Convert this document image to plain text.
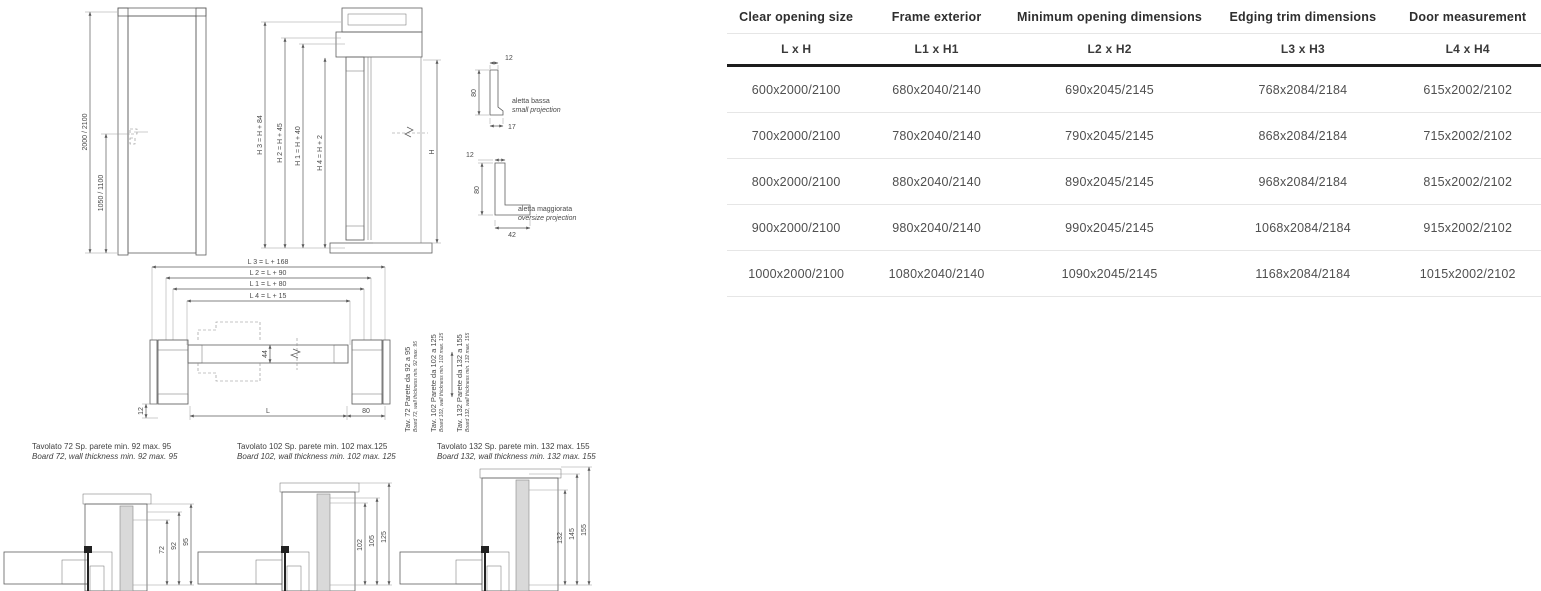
2000 / 2100
1050 / 1100
H 3 = H + 84 H 2 = H + 45 H 1 = H + 40 H 4 = H + 2	H
12
80
17
aletta bassa
small projection
12
80
42
aletta maggiorata
oversize projection
L 3 = L + 168
L 2 = L + 90
L 1 = L + 80
L 4 = L + 15
44
L	80
12	Tav. 72 Parete da 92 a 95 Board 72, wall thickness min. 92 max. 95 Tav. 102 Parete da 102 a 125 Board 102, wall thickness min. 102 max. 125 Tav. 132 Parete da 132 a 155 Board 132, wall thickness min. 132 max. 155
Tavolato 72 Sp. parete min. 92 max. 95
Board 72, wall thickness min. 92 max. 95
72
92
95
Tavolato 102 Sp. parete min. 102 max.125
Board 102, wall thickness min. 102 max. 125
102 105 125
Tavolato 132 Sp. parete min. 132 max. 155
Board 132, wall thickness min. 132 max. 155
132 145 155
Clear opening size	Frame exterior	Minimum opening dimensions	Edging trim dimensions	Door measurement
L x H	L1 x H1	L2 x H2	L3 x H3	L4 x H4
600x2000/2100	680x2040/2140	690x2045/2145	768x2084/2184	615x2002/2102
700x2000/2100	780x2040/2140	790x2045/2145	868x2084/2184	715x2002/2102
800x2000/2100	880x2040/2140	890x2045/2145	968x2084/2184	815x2002/2102
900x2000/2100	980x2040/2140	990x2045/2145	1068x2084/2184	915x2002/2102
1000x2000/2100	1080x2040/2140	1090x2045/2145	1168x2084/2184	1015x2002/2102
